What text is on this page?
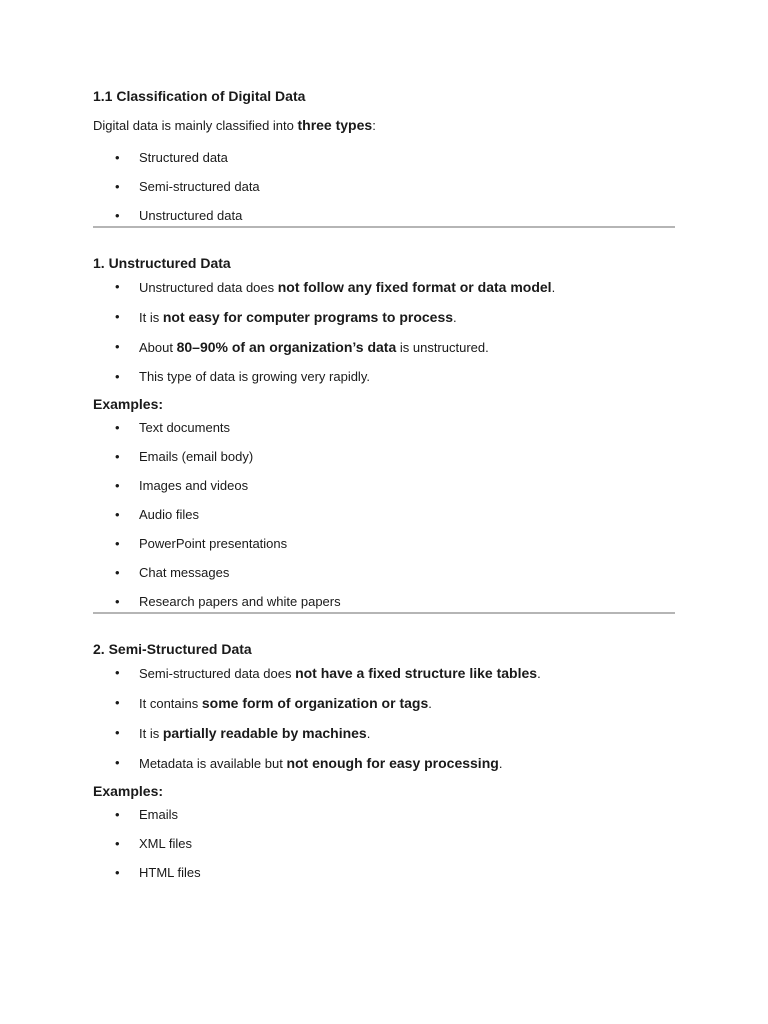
1.1 Classification of Digital Data

Digital data is mainly classified into three types:

• Structured data
• Semi-structured data
• Unstructured data
1. Unstructured Data
• Unstructured data does not follow any fixed format or data model.
• It is not easy for computer programs to process.
• About 80–90% of an organization’s data is unstructured.
• This type of data is growing very rapidly.
Examples:
• Text documents
• Emails (email body)
• Images and videos
• Audio files
• PowerPoint presentations
• Chat messages
• Research papers and white papers
2. Semi-Structured Data
• Semi-structured data does not have a fixed structure like tables.
• It contains some form of organization or tags.
• It is partially readable by machines.
• Metadata is available but not enough for easy processing.
Examples:
• Emails
• XML files
• HTML files
